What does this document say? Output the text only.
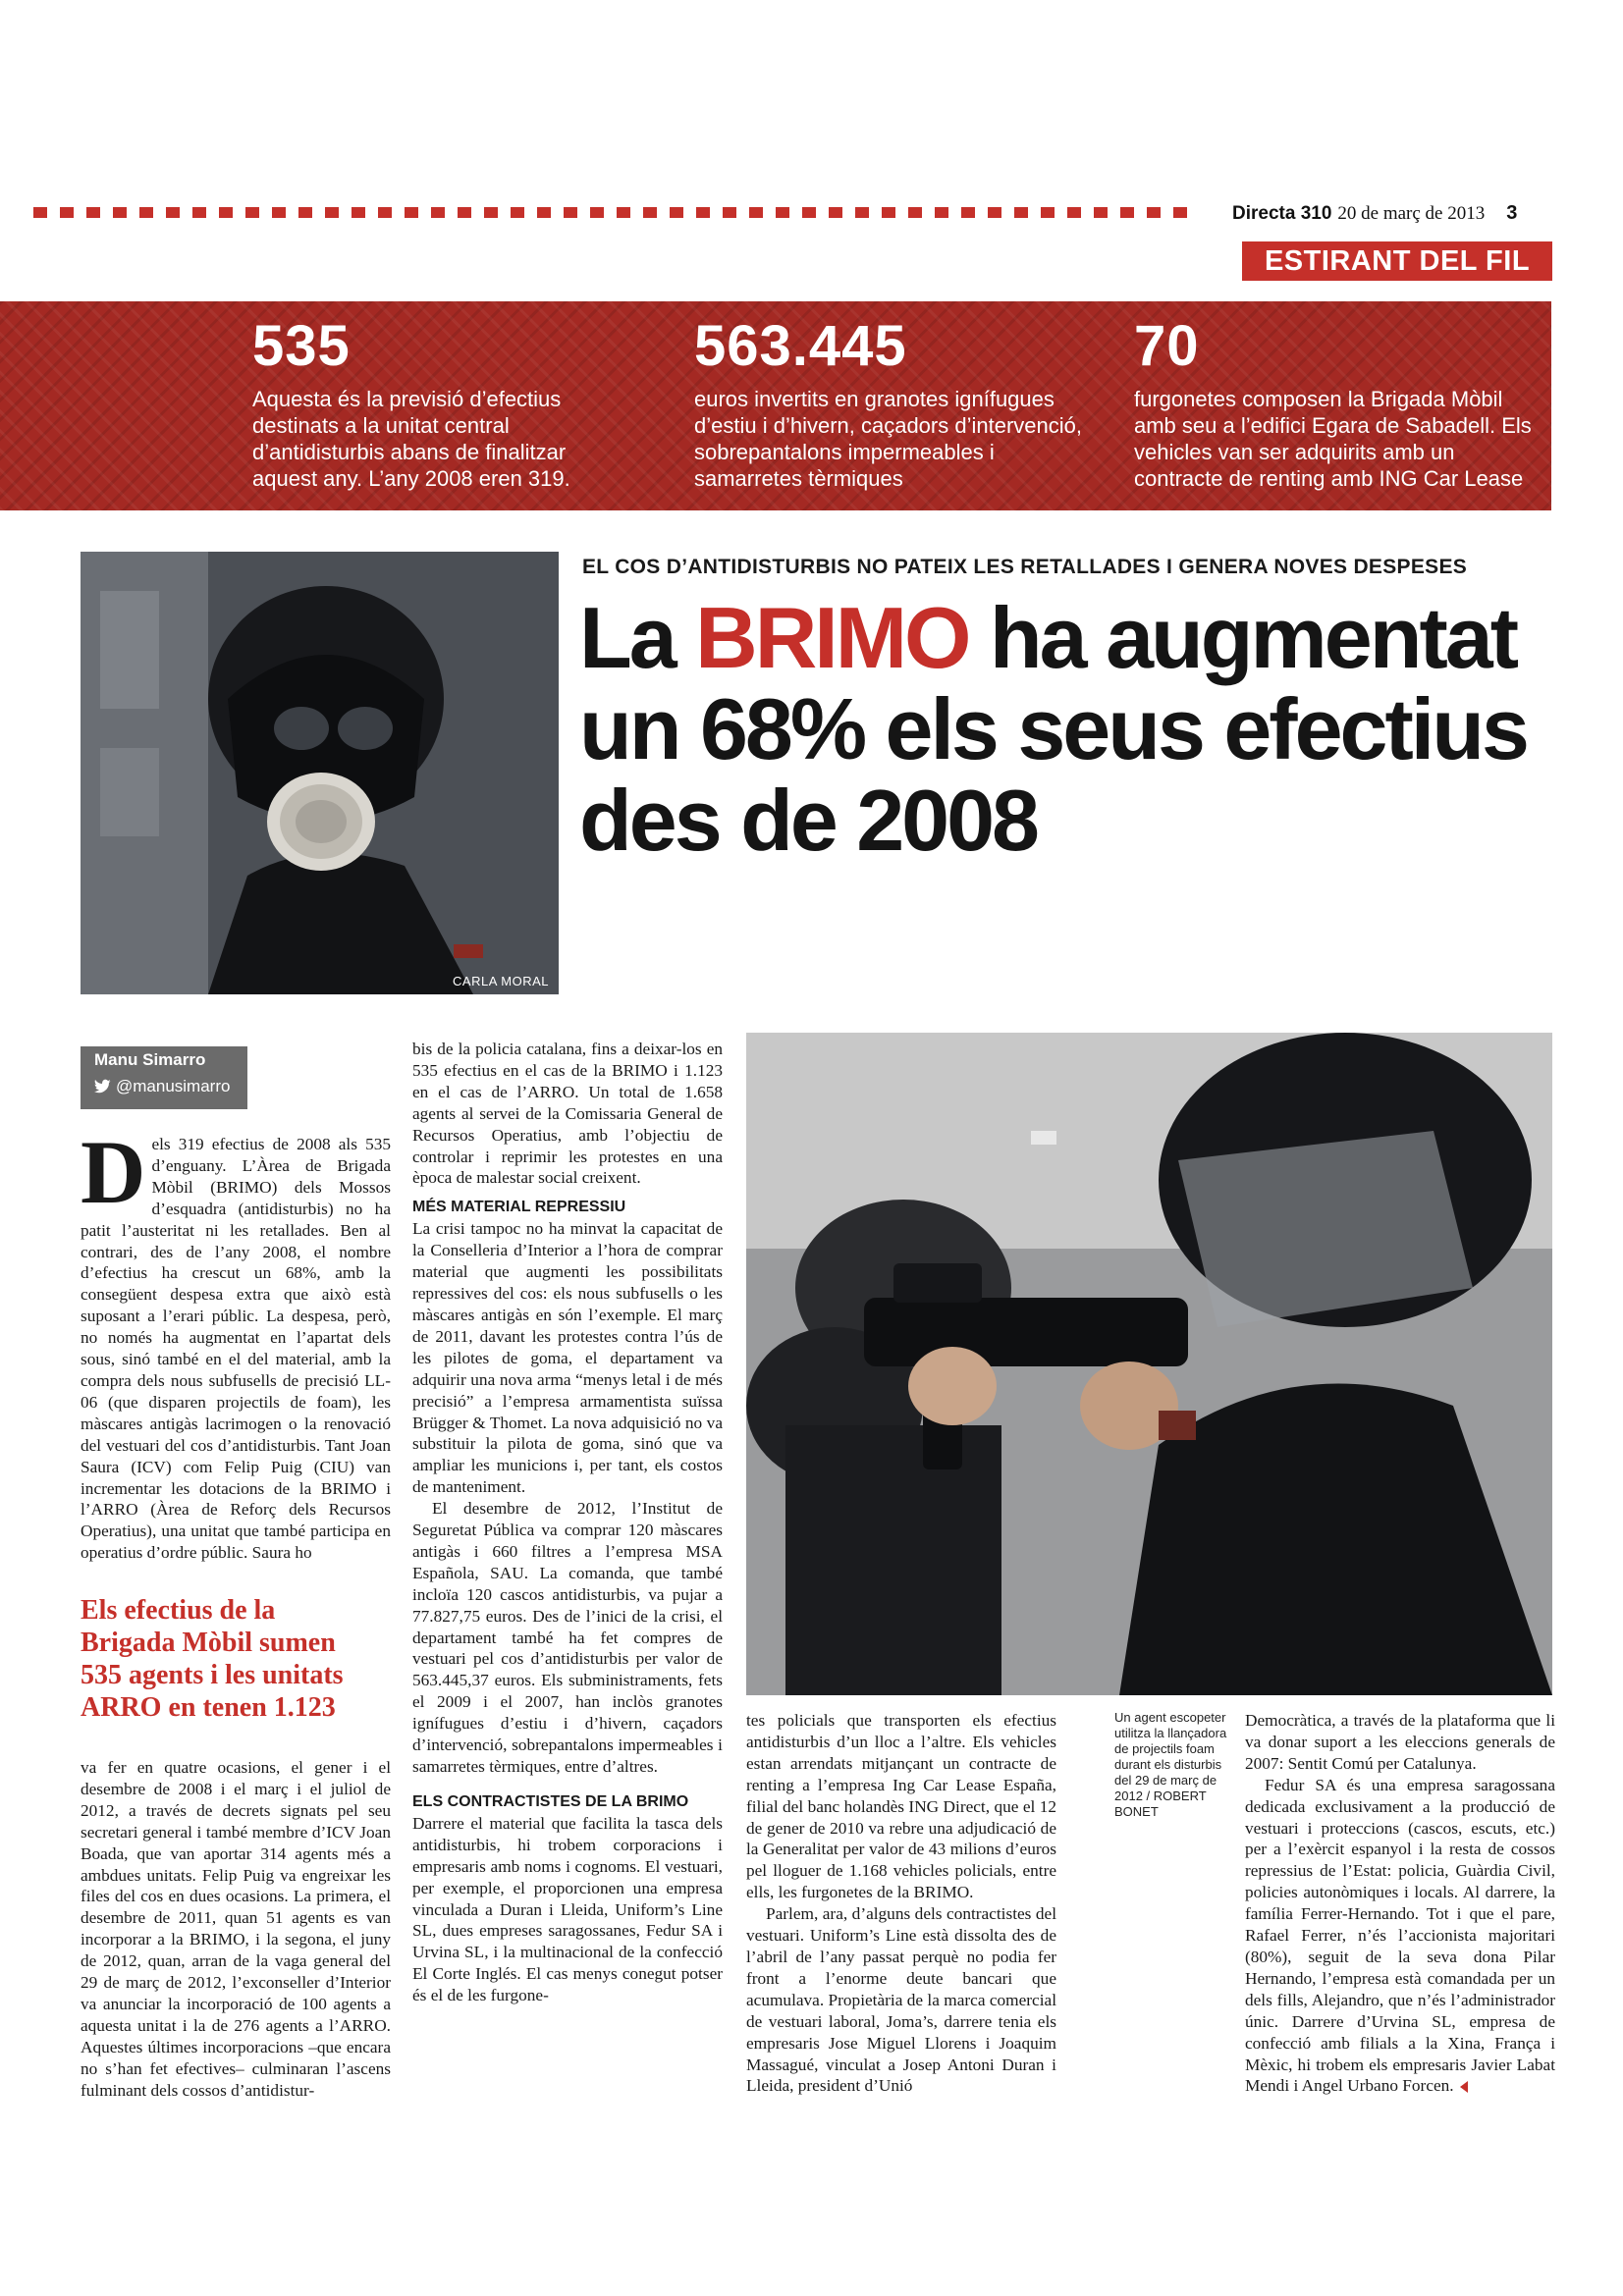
Directa 310 20 de març de 2013 3
ESTIRANT DEL FIL
535
Aquesta és la previsió d’efectius destinats a la unitat central d’antidisturbis abans de finalitzar aquest any. L’any 2008 eren 319.
563.445
euros invertits en granotes ignífugues d’estiu i d’hivern, caçadors d’intervenció, sobrepantalons impermeables i samarretes tèrmiques
70
furgonetes composen la Brigada Mòbil amb seu a l’edifici Egara de Sabadell. Els vehicles van ser adquirits amb un contracte de renting amb ING Car Lease
CARLA MORAL
EL COS D’ANTIDISTURBIS NO PATEIX LES RETALLADES I GENERA NOVES DESPESES
La BRIMO ha augmentat un 68% els seus efectius des de 2008
Manu Simarro
@manusimarro

Dels 319 efectius de 2008 als 535 d’enguany. L’Àrea de Brigada Mòbil (BRIMO) dels Mossos d’esquadra (antidisturbis) no ha patit l’austeritat ni les retallades. Ben al contrari, des de l’any 2008, el nombre d’efectius ha crescut un 68%, amb la consegüent despesa extra que això està suposant a l’erari públic. La despesa, però, no només ha augmentat en l’apartat dels sous, sinó també en el del material, amb la compra dels nous subfusells de precisió LL-06 (que disparen projectils de foam), les màscares antigàs lacrimogen o la renovació del vestuari del cos d’antidisturbis. Tant Joan Saura (ICV) com Felip Puig (CIU) van incrementar les dotacions de la BRIMO i l’ARRO (Àrea de Reforç dels Recursos Operatius), una unitat que també participa en operatius d’ordre públic. Saura ho

Els efectius de la Brigada Mòbil sumen 535 agents i les unitats ARRO en tenen 1.123

va fer en quatre ocasions, el gener i el desembre de 2008 i el març i el juliol de 2012, a través de decrets signats pel seu secretari general i també membre d’ICV Joan Boada, que van aportar 314 agents més a ambdues unitats. Felip Puig va engreixar les files del cos en dues ocasions. La primera, el desembre de 2011, quan 51 agents es van incorporar a la BRIMO, i la segona, el juny de 2012, quan, arran de la vaga general del 29 de març de 2012, l’exconseller d’Interior va anunciar la incorporació de 100 agents a aquesta unitat i la de 276 agents a l’ARRO. Aquestes últimes incorporacions –que encara no s’han fet efectives– culminaran l’ascens fulminant dels cossos d’antidistur-

bis de la policia catalana, fins a deixar-los en 535 efectius en el cas de la BRIMO i 1.123 en el cas de l’ARRO. Un total de 1.658 agents al servei de la Comissaria General de Recursos Operatius, amb l’objectiu de controlar i reprimir les protestes en una època de malestar social creixent.

MÉS MATERIAL REPRESSIU

La crisi tampoc no ha minvat la capacitat de la Conselleria d’Interior a l’hora de comprar material que augmenti les possibilitats repressives del cos: els nous subfusells o les màscares antigàs en són l’exemple. El març de 2011, davant les protestes contra l’ús de les pilotes de goma, el departament va adquirir una nova arma “menys letal i de més precisió” a l’empresa armamentista suïssa Brügger & Thomet. La nova adquisició no va substituir la pilota de goma, sinó que va ampliar les municions i, per tant, els costos de manteniment.

El desembre de 2012, l’Institut de Seguretat Pública va comprar 120 màscares antigàs i 660 filtres a l’empresa MSA Española, SAU. La comanda, que també incloïa 120 cascos antidisturbis, va pujar a 77.827,75 euros. Des de l’inici de la crisi, el departament també ha fet compres de vestuari pel cos d’antidisturbis per valor de 563.445,37 euros. Els subministraments, fets el 2009 i el 2007, han inclòs granotes ignífugues d’estiu i d’hivern, caçadors d’intervenció, sobrepantalons impermeables i samarretes tèrmiques, entre d’altres.

ELS CONTRACTISTES DE LA BRIMO

Darrere el material que facilita la tasca dels antidisturbis, hi trobem corporacions i empresaris amb noms i cognoms. El vestuari, per exemple, el proporcionen una empresa vinculada a Duran i Lleida, Uniform’s Line SL, dues empreses saragossanes, Fedur SA i Urvina SL, i la multinacional de la confecció El Corte Inglés. El cas menys conegut potser és el de les furgone-

Un agent escopeter utilitza la llançadora de projectils foam durant els disturbis del 29 de març de 2012 / ROBERT BONET

tes policials que transporten els efectius antidisturbis d’un lloc a l’altre. Els vehicles estan arrendats mitjançant un contracte de renting a l’empresa Ing Car Lease España, filial del banc holandès ING Direct, que el 12 de gener de 2010 va rebre una adjudicació de la Generalitat per valor de 43 milions d’euros pel lloguer de 1.168 vehicles policials, entre ells, les furgonetes de la BRIMO.

Parlem, ara, d’alguns dels contractistes del vestuari. Uniform’s Line està dissolta des de l’abril de l’any passat perquè no podia fer front a l’enorme deute bancari que acumulava. Propietària de la marca comercial de vestuari laboral, Joma’s, darrere tenia els empresaris Jose Miguel Llorens i Joaquim Massagué, vinculat a Josep Antoni Duran i Lleida, president d’Unió

Democràtica, a través de la plataforma que li va donar suport a les eleccions generals de 2007: Sentit Comú per Catalunya.

Fedur SA és una empresa saragossana dedicada exclusivament a la producció de vestuari i proteccions (cascos, escuts, etc.) per a l’exèrcit espanyol i la resta de cossos repressius de l’Estat: policia, Guàrdia Civil, policies autonòmiques i locals. Al darrere, la família Ferrer-Hernando. Tot i que el pare, Rafael Ferrer, n’és l’accionista majoritari (80%), seguit de la seva dona Pilar Hernando, l’empresa està comandada per un dels fills, Alejandro, que n’és l’administrador únic. Darrere d’Urvina SL, empresa de confecció amb filials a la Xina, França i Mèxic, hi trobem els empresaris Javier Labat Mendi i Angel Urbano Forcen.
